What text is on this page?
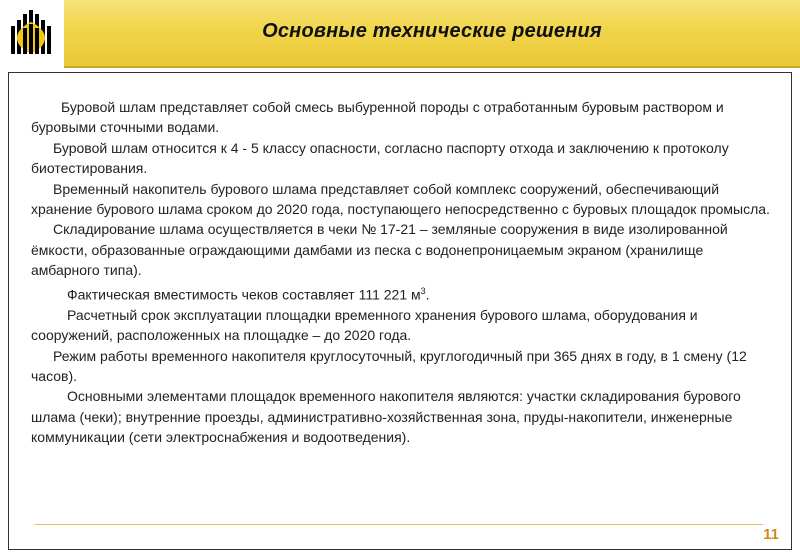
Основные технические решения

Буровой шлам представляет собой смесь выбуренной породы с отработанным буровым раствором и буровыми сточными водами.

Буровой шлам относится к 4 - 5 классу опасности, согласно паспорту отхода и заключению к протоколу биотестирования.

Временный накопитель бурового шлама представляет собой комплекс сооружений, обеспечивающий хранение бурового шлама сроком до 2020 года, поступающего непосредственно с буровых площадок промысла.

Складирование шлама осуществляется в чеки № 17-21 – земляные сооружения в виде изолированной ёмкости, образованные ограждающими дамбами из песка с водонепроницаемым экраном (хранилище амбарного типа).

Фактическая вместимость чеков составляет 111 221 $м^3$.

Расчетный срок эксплуатации площадки временного хранения бурового шлама, оборудования и сооружений, расположенных на площадке – до 2020 года.

Режим работы временного накопителя круглосуточный, круглогодичный при 365 днях в году, в 1 смену (12 часов).

Основными элементами площадок временного накопителя являются: участки складирования бурового шлама (чеки); внутренние проезды, административно-хозяйственная зона, пруды-накопители, инженерные коммуникации (сети электроснабжения и водоотведения).

11
